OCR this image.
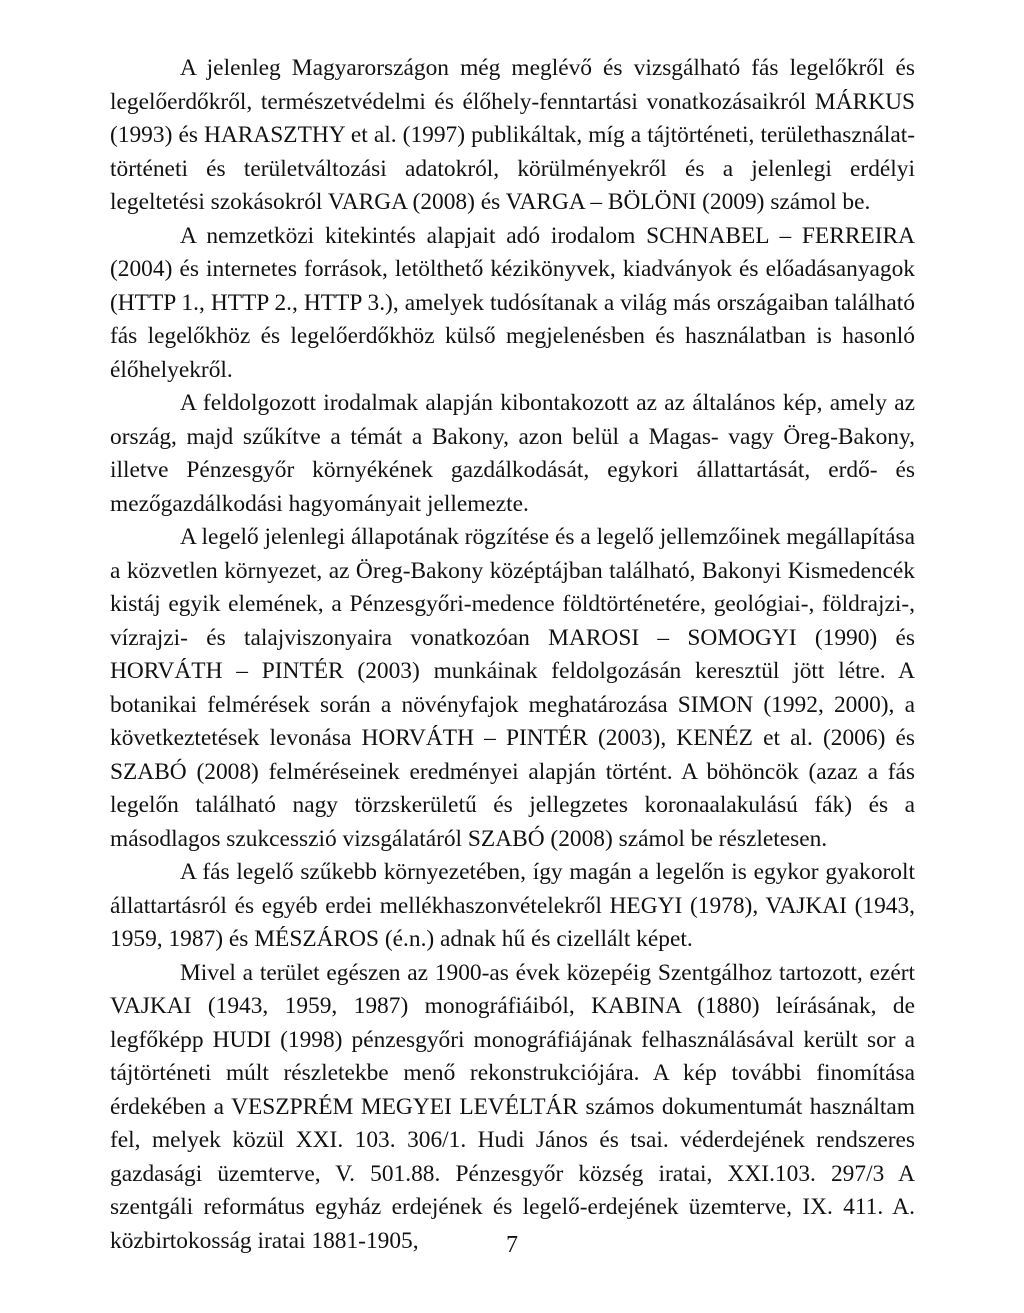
A jelenleg Magyarországon még meglévő és vizsgálható fás legelőkről és legelőerdőkről, természetvédelmi és élőhely-fenntartási vonatkozásaikról MÁRKUS (1993) és HARASZTHY et al. (1997) publikáltak, míg a tájtörténeti, területhasználat-történeti és területváltozási adatokról, körülményekről és a jelenlegi erdélyi legeltetési szokásokról VARGA (2008) és VARGA – BÖLÖNI (2009) számol be.

A nemzetközi kitekintés alapjait adó irodalom SCHNABEL – FERREIRA (2004) és internetes források, letölthető kézikönyvek, kiadványok és előadásanyagok (HTTP 1., HTTP 2., HTTP 3.), amelyek tudósítanak a világ más országaiban található fás legelőkhöz és legelőerdőkhöz külső megjelenésben és használatban is hasonló élőhelyekről.

A feldolgozott irodalmak alapján kibontakozott az az általános kép, amely az ország, majd szűkítve a témát a Bakony, azon belül a Magas- vagy Öreg-Bakony, illetve Pénzesgyőr környékének gazdálkodását, egykori állattartását, erdő- és mezőgazdálkodási hagyományait jellemezte.

A legelő jelenlegi állapotának rögzítése és a legelő jellemzőinek megállapítása a közvetlen környezet, az Öreg-Bakony középtájban található, Bakonyi Kismedencék kistáj egyik elemének, a Pénzesgyőri-medence földtörténetére, geológiai-, földrajzi-, vízrajzi- és talajviszonyaira vonatkozóan MAROSI – SOMOGYI (1990) és HORVÁTH – PINTÉR (2003) munkáinak feldolgozásán keresztül jött létre. A botanikai felmérések során a növényfajok meghatározása SIMON (1992, 2000), a következtetések levonása HORVÁTH – PINTÉR (2003), KENÉZ et al. (2006) és SZABÓ (2008) felméréseinek eredményei alapján történt. A böhöncök (azaz a fás legelőn található nagy törzskerületű és jellegzetes koronaalakulású fák) és a másodlagos szukcesszió vizsgálatáról SZABÓ (2008) számol be részletesen.

A fás legelő szűkebb környezetében, így magán a legelőn is egykor gyakorolt állattartásról és egyéb erdei mellékhaszonvételekről HEGYI (1978), VAJKAI (1943, 1959, 1987) és MÉSZÁROS (é.n.) adnak hű és cizellált képet.

Mivel a terület egészen az 1900-as évek közepéig Szentgálhoz tartozott, ezért VAJKAI (1943, 1959, 1987) monográfiáiból, KABINA (1880) leírásának, de legfőképp HUDI (1998) pénzesgyőri monográfiájának felhasználásával került sor a tájtörténeti múlt részletekbe menő rekonstrukciójára. A kép további finomítása érdekében a VESZPRÉM MEGYEI LEVÉLTÁR számos dokumentumát használtam fel, melyek közül XXI. 103. 306/1. Hudi János és tsai. véderdejének rendszeres gazdasági üzemterve, V. 501.88. Pénzesgyőr község iratai, XXI.103. 297/3 A szentgáli református egyház erdejének és legelő-erdejének üzemterve, IX. 411. A. közbirtokosság iratai 1881-1905,	7
